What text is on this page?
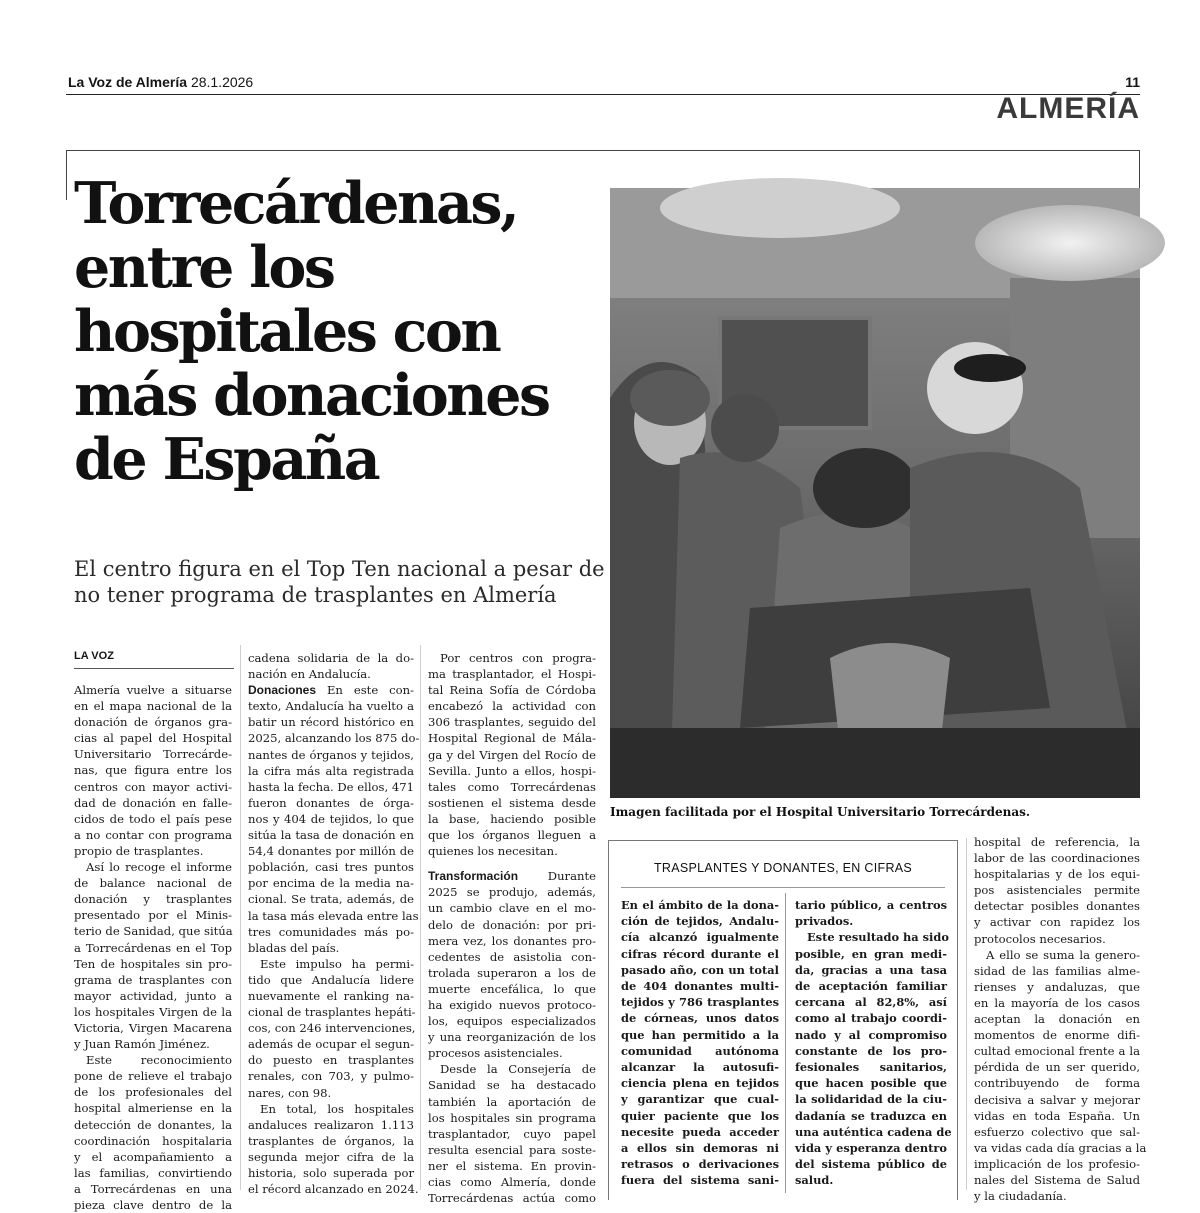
La Voz de Almería 28.1.2026	11
ALMERÍA
Torrecárdenas,
entre los
hospitales con
más donaciones
de España
El centro figura en el Top Ten nacional a pesar de
no tener programa de trasplantes en Almería
Imagen facilitada por el Hospital Universitario Torrecárdenas.
LA VOZ
Almería vuelve a situarse
en el mapa nacional de la
donación de órganos gra-
cias al papel del Hospital
Universitario Torrecárde-
nas, que figura entre los
centros con mayor activi-
dad de donación en falle-
cidos de todo el país pese
a no contar con programa
propio de trasplantes.
Así lo recoge el informe
de balance nacional de
donación y trasplantes
presentado por el Minis-
terio de Sanidad, que sitúa
a Torrecárdenas en el Top
Ten de hospitales sin pro-
grama de trasplantes con
mayor actividad, junto a
los hospitales Virgen de la
Victoria, Virgen Macarena
y Juan Ramón Jiménez.
Este reconocimiento
pone de relieve el trabajo
de los profesionales del
hospital almeriense en la
detección de donantes, la
coordinación hospitalaria
y el acompañamiento a
las familias, convirtiendo
a Torrecárdenas en una
pieza clave dentro de la
cadena solidaria de la do-
nación en Andalucía.
Donaciones En este con-
texto, Andalucía ha vuelto a
batir un récord histórico en
2025, alcanzando los 875 do-
nantes de órganos y tejidos,
la cifra más alta registrada
hasta la fecha. De ellos, 471
fueron donantes de órga-
nos y 404 de tejidos, lo que
sitúa la tasa de donación en
54,4 donantes por millón de
población, casi tres puntos
por encima de la media na-
cional. Se trata, además, de
la tasa más elevada entre las
tres comunidades más po-
bladas del país.
Este impulso ha permi-
tido que Andalucía lidere
nuevamente el ranking na-
cional de trasplantes hepáti-
cos, con 246 intervenciones,
además de ocupar el segun-
do puesto en trasplantes
renales, con 703, y pulmo-
nares, con 98.
En total, los hospitales
andaluces realizaron 1.113
trasplantes de órganos, la
segunda mejor cifra de la
historia, solo superada por
el récord alcanzado en 2024.
Por centros con progra-
ma trasplantador, el Hospi-
tal Reina Sofía de Córdoba
encabezó la actividad con
306 trasplantes, seguido del
Hospital Regional de Mála-
ga y del Virgen del Rocío de
Sevilla. Junto a ellos, hospi-
tales como Torrecárdenas
sostienen el sistema desde
la base, haciendo posible
que los órganos lleguen a
quienes los necesitan.
Transformación Durante
2025 se produjo, además,
un cambio clave en el mo-
delo de donación: por pri-
mera vez, los donantes pro-
cedentes de asistolia con-
trolada superaron a los de
muerte encefálica, lo que
ha exigido nuevos protoco-
los, equipos especializados
y una reorganización de los
procesos asistenciales.
Desde la Consejería de
Sanidad se ha destacado
también la aportación de
los hospitales sin programa
trasplantador, cuyo papel
resulta esencial para soste-
ner el sistema. En provin-
cias como Almería, donde
Torrecárdenas actúa como
hospital de referencia, la
labor de las coordinaciones
hospitalarias y de los equi-
pos asistenciales permite
detectar posibles donantes
y activar con rapidez los
protocolos necesarios.
A ello se suma la genero-
sidad de las familias alme-
rienses y andaluzas, que
en la mayoría de los casos
aceptan la donación en
momentos de enorme difi-
cultad emocional frente a la
pérdida de un ser querido,
contribuyendo de forma
decisiva a salvar y mejorar
vidas en toda España. Un
esfuerzo colectivo que sal-
va vidas cada día gracias a la
implicación de los profesio-
nales del Sistema de Salud
y la ciudadanía.
TRASPLANTES Y DONANTES, EN CIFRAS
En el ámbito de la dona-
ción de tejidos, Andalu-
cía alcanzó igualmente
cifras récord durante el
pasado año, con un total
de 404 donantes multi-
tejidos y 786 trasplantes
de córneas, unos datos
que han permitido a la
comunidad autónoma
alcanzar la autosufi-
ciencia plena en tejidos
y garantizar que cual-
quier paciente que los
necesite pueda acceder
a ellos sin demoras ni
retrasos o derivaciones
fuera del sistema sani-
tario público, a centros
privados.
Este resultado ha sido
posible, en gran medi-
da, gracias a una tasa
de aceptación familiar
cercana al 82,8%, así
como al trabajo coordi-
nado y al compromiso
constante de los pro-
fesionales sanitarios,
que hacen posible que
la solidaridad de la ciu-
dadanía se traduzca en
una auténtica cadena de
vida y esperanza dentro
del sistema público de
salud.
